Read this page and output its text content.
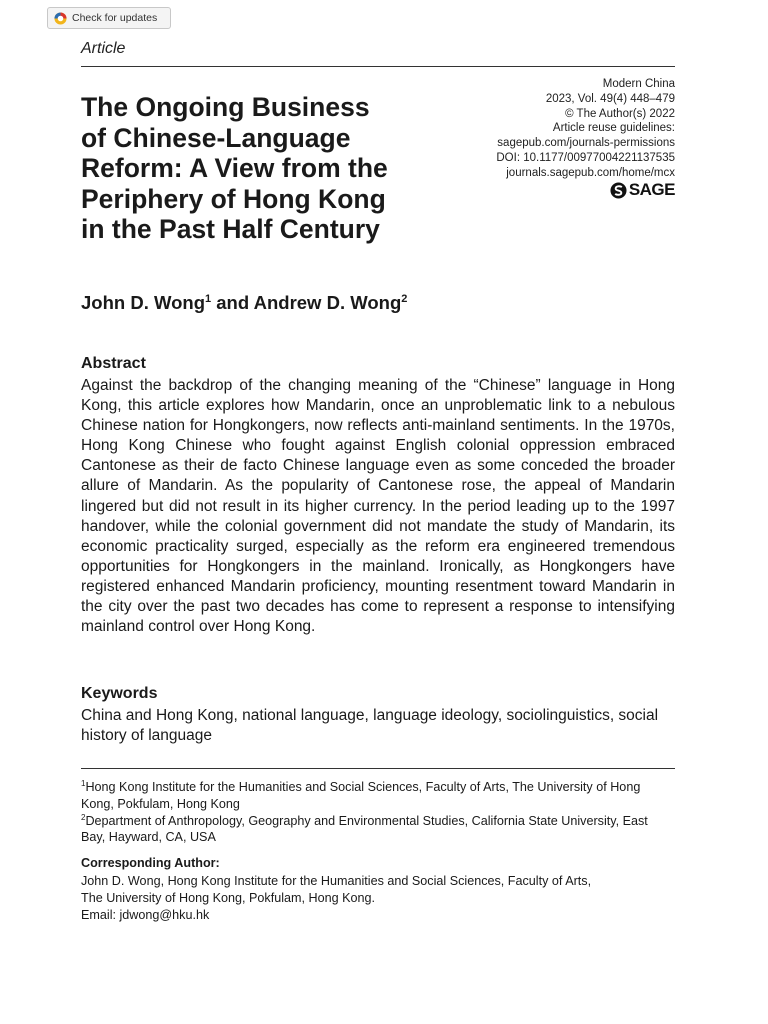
Check for updates
Article
The Ongoing Business
of Chinese-Language
Reform: A View from the
Periphery of Hong Kong
in the Past Half Century
Modern China
2023, Vol. 49(4) 448–479
© The Author(s) 2022
Article reuse guidelines:
sagepub.com/journals-permissions
DOI: 10.1177/00977004221137535
journals.sagepub.com/home/mcx
SAGE
John D. Wong$^1$ and Andrew D. Wong$^2$
Abstract

Against the backdrop of the changing meaning of the “Chinese” language in Hong Kong, this article explores how Mandarin, once an unproblematic link to a nebulous Chinese nation for Hongkongers, now reflects anti-mainland sentiments. In the 1970s, Hong Kong Chinese who fought against English colonial oppression embraced Cantonese as their de facto Chinese language even as some conceded the broader allure of Mandarin. As the popularity of Cantonese rose, the appeal of Mandarin lingered but did not result in its higher currency. In the period leading up to the 1997 handover, while the colonial government did not mandate the study of Mandarin, its economic practicality surged, especially as the reform era engineered tremendous opportunities for Hongkongers in the mainland. Ironically, as Hongkongers have registered enhanced Mandarin proficiency, mounting resentment toward Mandarin in the city over the past two decades has come to represent a response to intensifying mainland control over Hong Kong.

Keywords

China and Hong Kong, national language, language ideology, sociolinguistics, social history of language

$^1$Hong Kong Institute for the Humanities and Social Sciences, Faculty of Arts, The University of Hong Kong, Pokfulam, Hong Kong
$^2$Department of Anthropology, Geography and Environmental Studies, California State University, East Bay, Hayward, CA, USA
Corresponding Author:
John D. Wong, Hong Kong Institute for the Humanities and Social Sciences, Faculty of Arts,
The University of Hong Kong, Pokfulam, Hong Kong.
Email: jdwong@hku.hk
